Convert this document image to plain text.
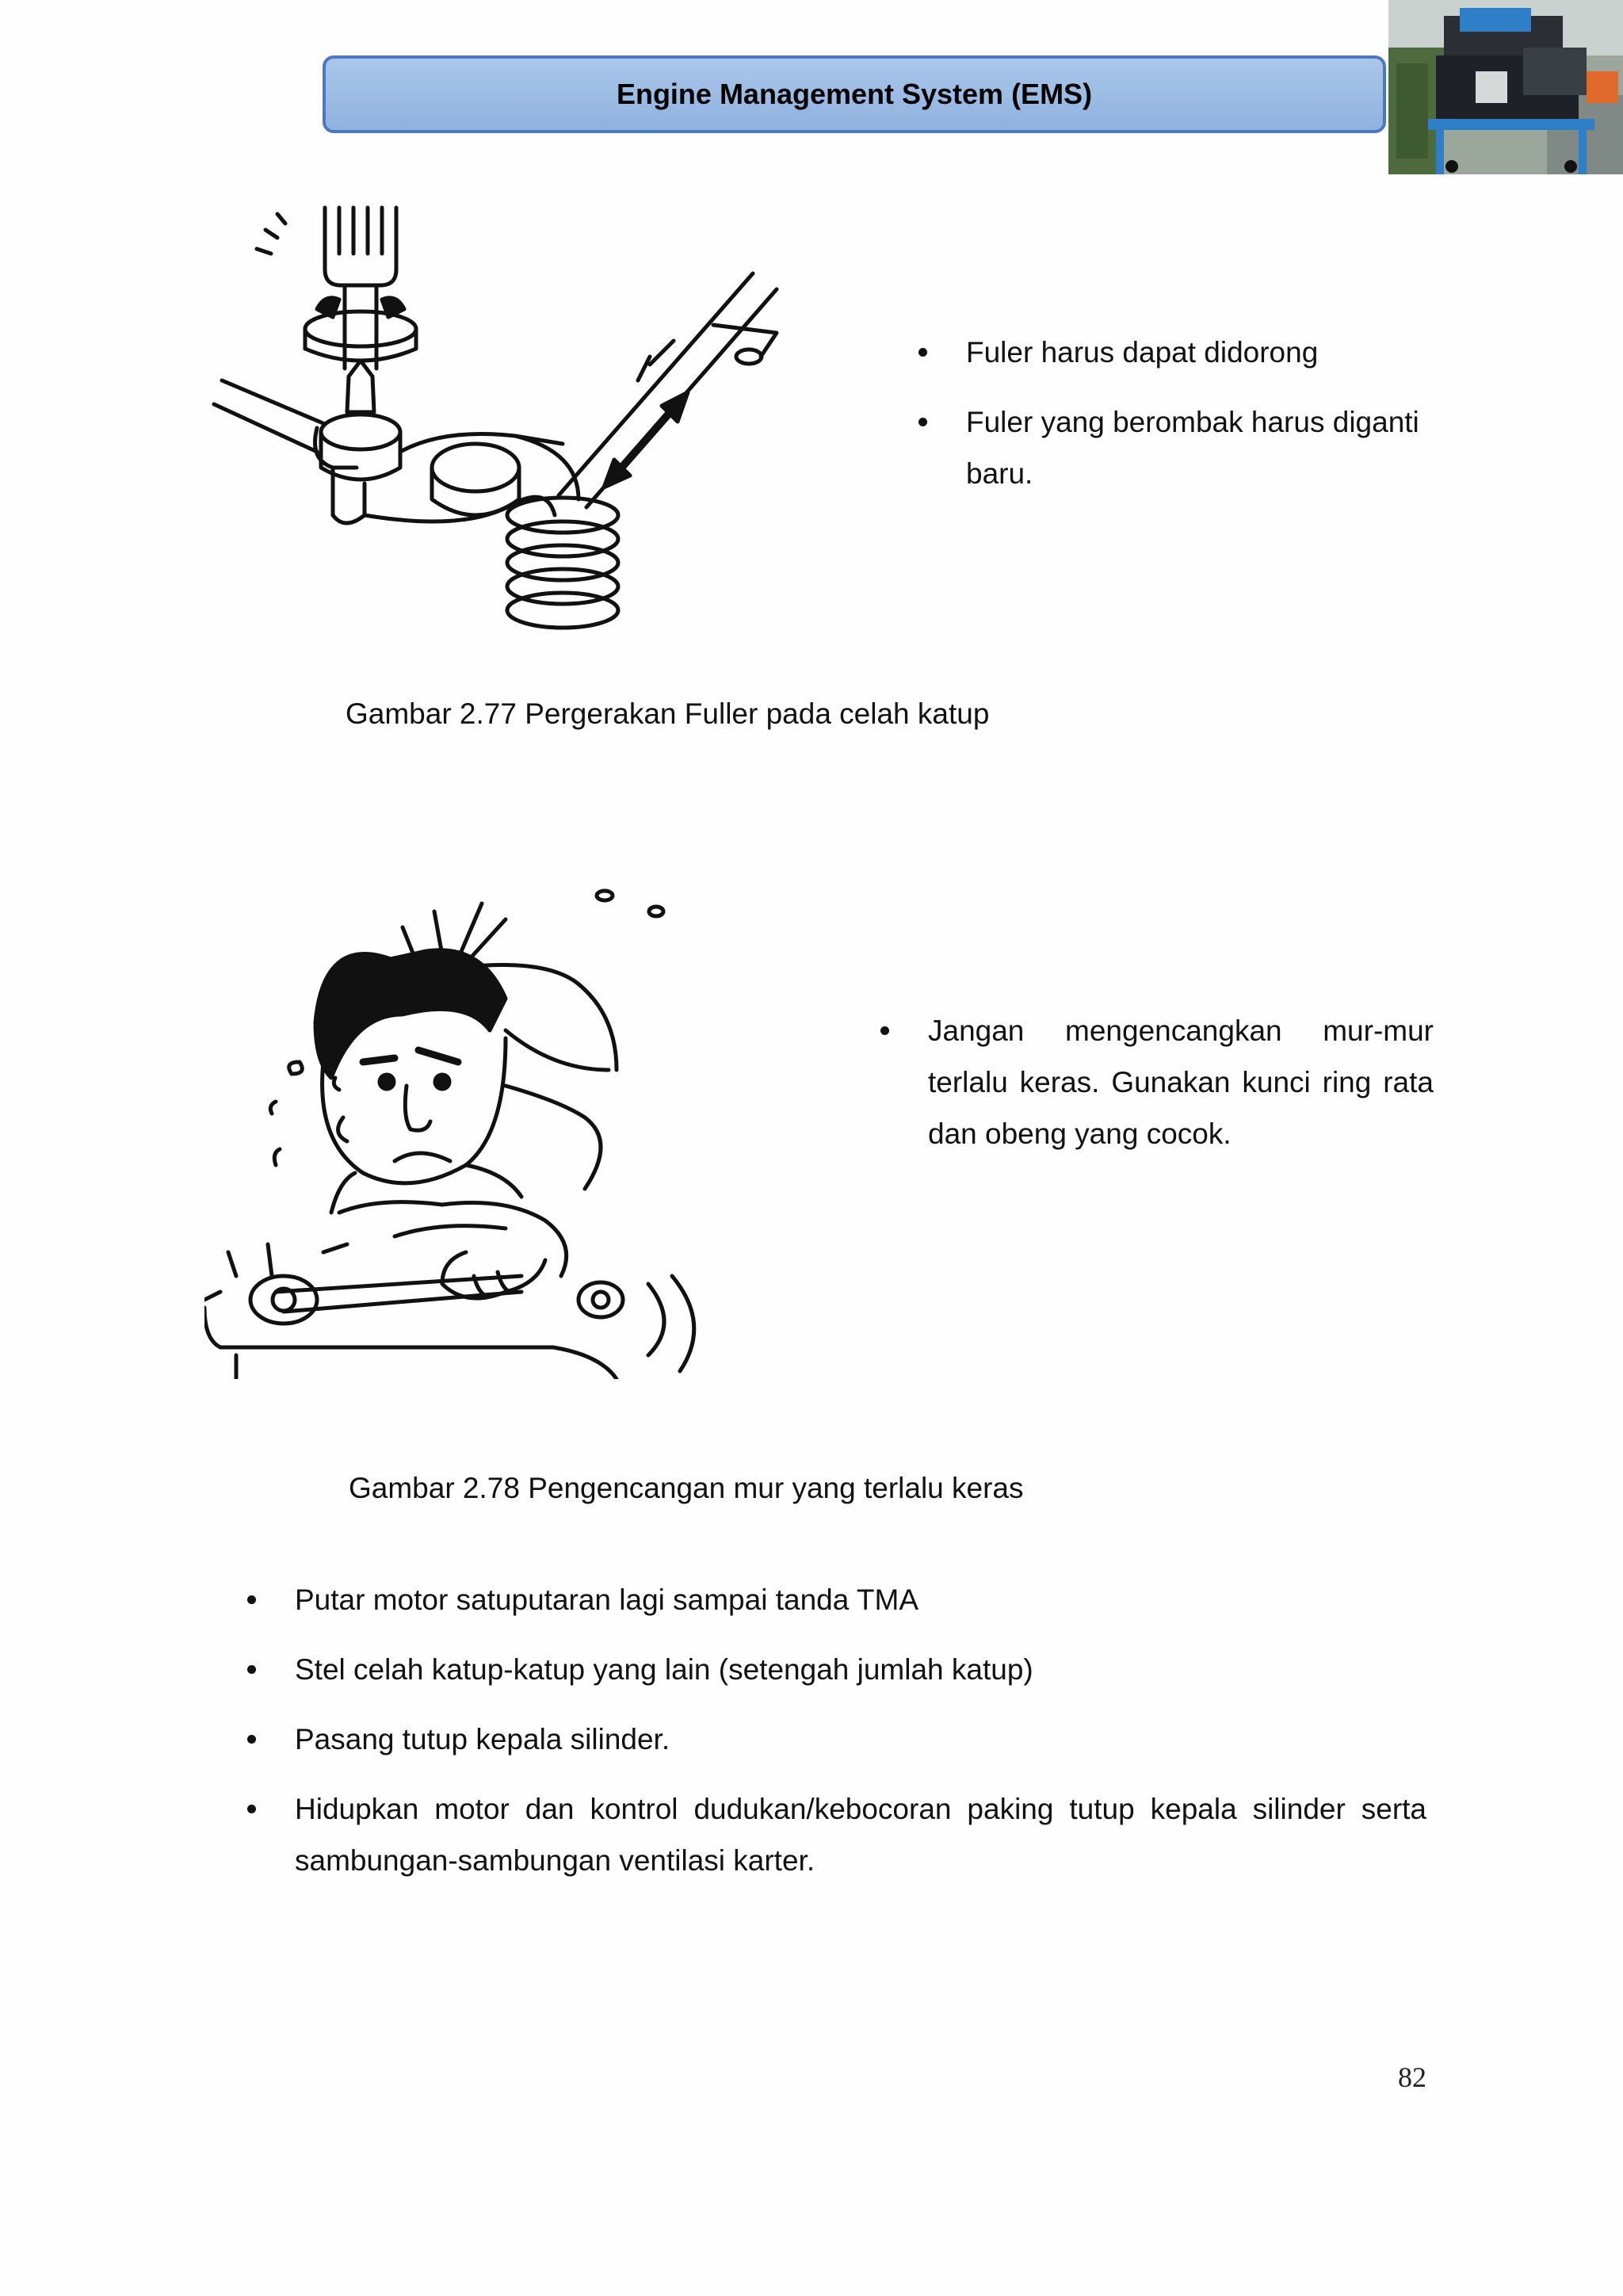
Engine Management System (EMS)
Gambar 2.77 Pergerakan Fuller pada celah katup
Fuler harus dapat didorong
Fuler yang berombak harus diganti baru.
Gambar 2.78 Pengencangan mur yang terlalu keras
Jangan mengencangkan mur-mur terlalu keras. Gunakan kunci ring rata dan obeng yang cocok.
Putar motor satuputaran lagi sampai tanda TMA
Stel celah katup-katup yang lain (setengah jumlah katup)
Pasang tutup kepala silinder.
Hidupkan motor dan kontrol dudukan/kebocoran paking tutup kepala silinder serta sambungan-sambungan ventilasi karter.
82
